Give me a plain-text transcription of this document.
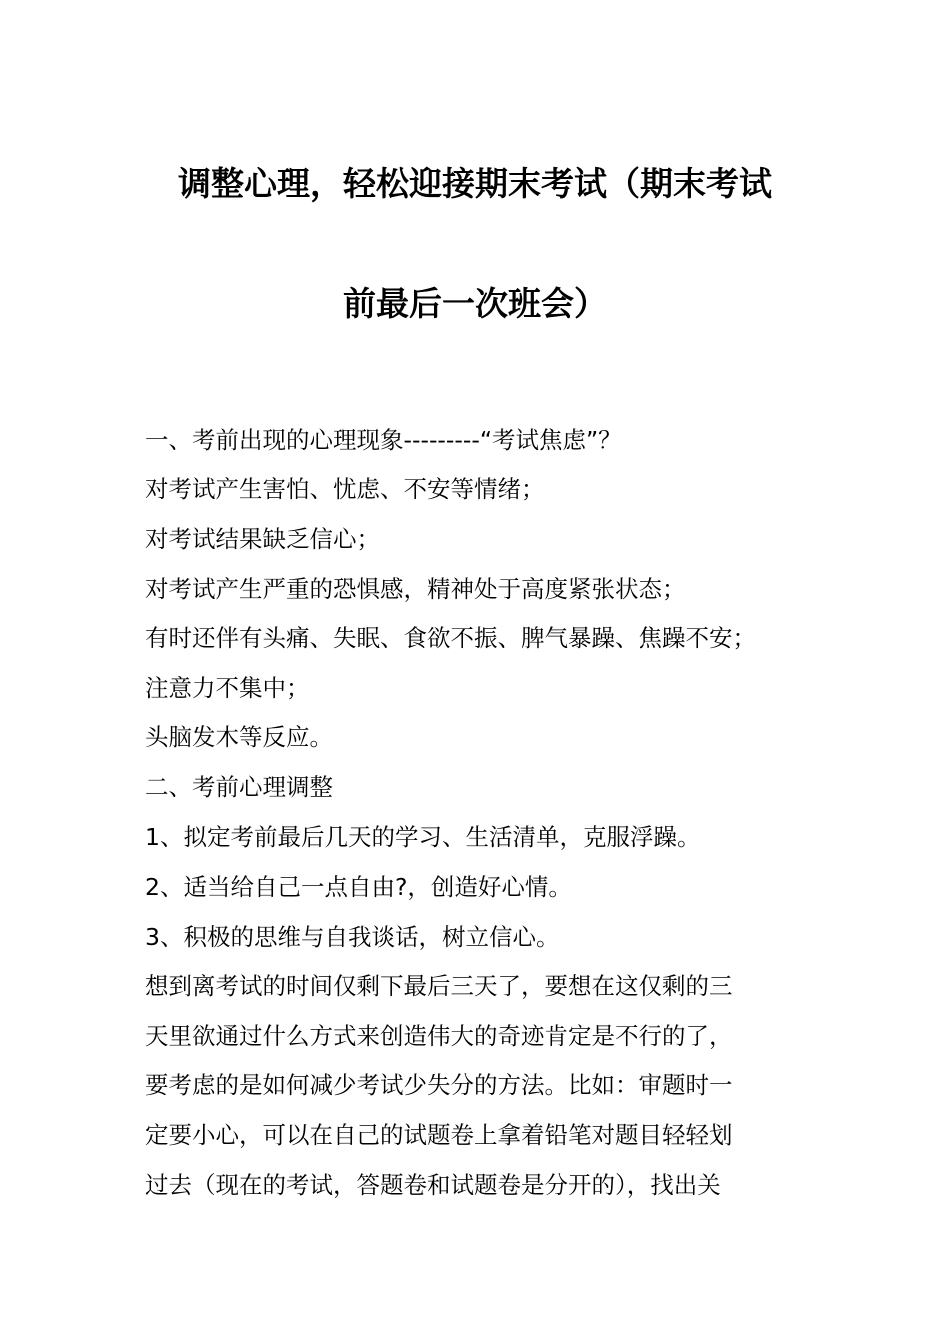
调整心理，轻松迎接期末考试（期末考试
前最后一次班会）
一、考前出现的心理现象---------“考试焦虑”？
对考试产生害怕、忧虑、不安等情绪；
对考试结果缺乏信心；
对考试产生严重的恐惧感，精神处于高度紧张状态；
有时还伴有头痛、失眠、食欲不振、脾气暴躁、焦躁不安；
注意力不集中；
头脑发木等反应。
二、考前心理调整
1、拟定考前最后几天的学习、生活清单，克服浮躁。
2、适当给自己一点自由?，创造好心情。
3、积极的思维与自我谈话，树立信心。
想到离考试的时间仅剩下最后三天了，要想在这仅剩的三
天里欲通过什么方式来创造伟大的奇迹肯定是不行的了，
要考虑的是如何减少考试少失分的方法。比如：审题时一
定要小心，可以在自己的试题卷上拿着铅笔对题目轻轻划
过去（现在的考试，答题卷和试题卷是分开的），找出关
